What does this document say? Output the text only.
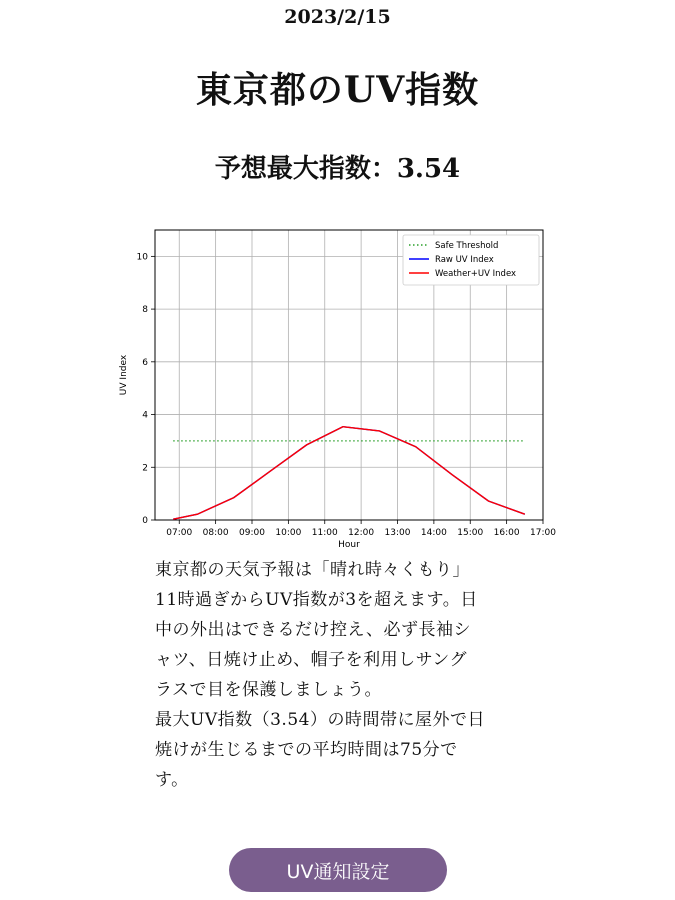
2023/2/15
東京都のUV指数
予想最大指数：3.54
07:00 08:00 09:00 10:00 11:00 12:00 13:00 14:00 15:00 16:00 17:00
0
2
4
6
8
10
Hour
UV Index
Safe Threshold
Raw UV Index
Weather+UV Index

東京都の天気予報は「晴れ時々くもり」

11時過ぎからUV指数が3を超えます。日

中の外出はできるだけ控え、必ず長袖シ

ャツ、日焼け止め、帽子を利用しサング

ラスで目を保護しましょう。

最大UV指数（3.54）の時間帯に屋外で日

焼けが生じるまでの平均時間は75分で

す。

UV通知設定
